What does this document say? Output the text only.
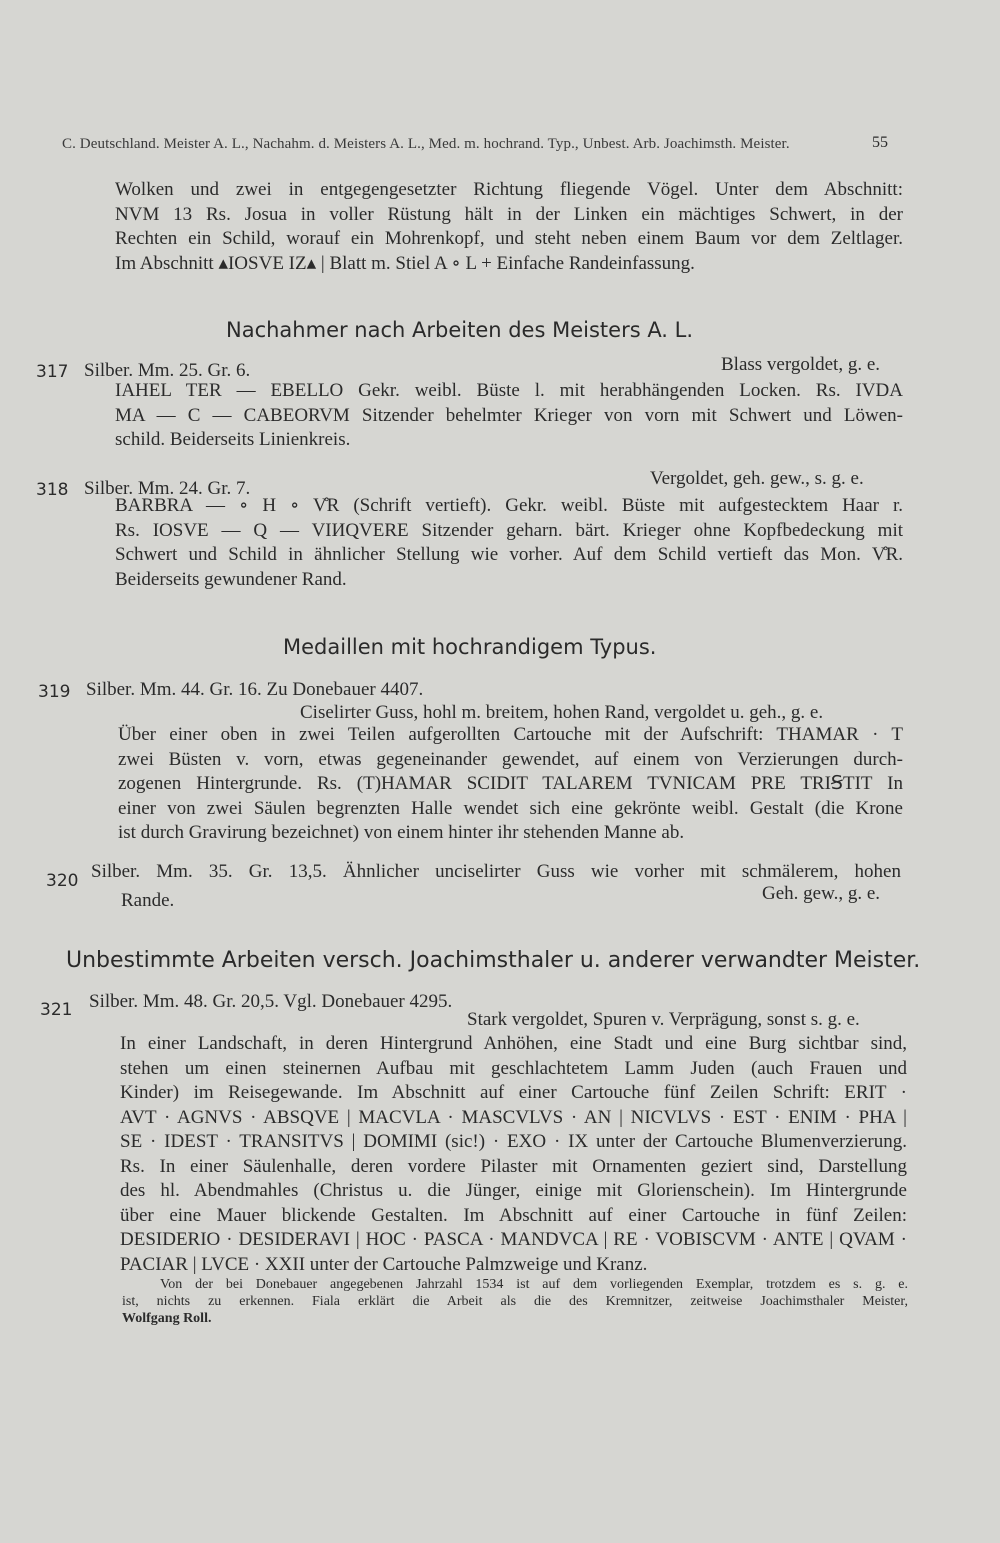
C. Deutschland. Meister A. L., Nachahm. d. Meisters A. L., Med. m. hochrand. Typ., Unbest. Arb. Joachimsth. Meister.	55
Wolken und zwei in entgegengesetzter Richtung fliegende Vögel. Unter dem Abschnitt:
NVM 13 Rs. Josua in voller Rüstung hält in der Linken ein mächtiges Schwert, in der
Rechten ein Schild, worauf ein Mohrenkopf, und steht neben einem Baum vor dem Zeltlager.
Im Abschnitt ▴IOSVE IZ▴ | Blatt m. Stiel A ∘ L + Einfache Randeinfassung.
Nachahmer nach Arbeiten des Meisters A. L.
317 Silber. Mm. 25. Gr. 6.	Blass vergoldet, g. e.
IAHEL TER — EBELLO Gekr. weibl. Büste l. mit herabhängenden Locken. Rs. IVDA
MA — C — CABEORVM Sitzender behelmter Krieger von vorn mit Schwert und Löwen-
schild. Beiderseits Linienkreis.
318 Silber. Mm. 24. Gr. 7.	Vergoldet, geh. gew., s. g. e.
BARBRA — ∘ H ∘ V̊R (Schrift vertieft). Gekr. weibl. Büste mit aufgestecktem Haar r.
Rs. IOSVE — Q — VIИQVERE Sitzender geharn. bärt. Krieger ohne Kopfbedeckung mit
Schwert und Schild in ähnlicher Stellung wie vorher. Auf dem Schild vertieft das Mon. V̊R.
Beiderseits gewundener Rand.
Medaillen mit hochrandigem Typus.
319 Silber. Mm. 44. Gr. 16. Zu Donebauer 4407.
Ciselirter Guss, hohl m. breitem, hohen Rand, vergoldet u. geh., g. e.
Über einer oben in zwei Teilen aufgerollten Cartouche mit der Aufschrift: THAMAR · T
zwei Büsten v. vorn, etwas gegeneinander gewendet, auf einem von Verzierungen durch-
zogenen Hintergrunde. Rs. (T)HAMAR SCIDIT TALAREM TVNICAM PRE TRIꞨTIT In
einer von zwei Säulen begrenzten Halle wendet sich eine gekrönte weibl. Gestalt (die Krone
ist durch Gravirung bezeichnet) von einem hinter ihr stehenden Manne ab.
320 Silber. Mm. 35. Gr. 13,5. Ähnlicher unciselirter Guss wie vorher mit schmälerem, hohen
Rande.	Geh. gew., g. e.
Unbestimmte Arbeiten versch. Joachimsthaler u. anderer verwandter Meister.
321 Silber. Mm. 48. Gr. 20,5. Vgl. Donebauer 4295.
Stark vergoldet, Spuren v. Verprägung, sonst s. g. e.
In einer Landschaft, in deren Hintergrund Anhöhen, eine Stadt und eine Burg sichtbar sind,
stehen um einen steinernen Aufbau mit geschlachtetem Lamm Juden (auch Frauen und
Kinder) im Reisegewande. Im Abschnitt auf einer Cartouche fünf Zeilen Schrift: ERIT ·
AVT · AGNVS · ABSQVE | MACVLA · MASCVLVS · AN | NICVLVS · EST · ENIM · PHA |
SE · IDEST · TRANSITVS | DOMIMI (sic!) · EXO · IX unter der Cartouche Blumenverzierung.
Rs. In einer Säulenhalle, deren vordere Pilaster mit Ornamenten geziert sind, Darstellung
des hl. Abendmahles (Christus u. die Jünger, einige mit Glorienschein). Im Hintergrunde
über eine Mauer blickende Gestalten. Im Abschnitt auf einer Cartouche in fünf Zeilen:
DESIDERIO · DESIDERAVI | HOC · PASCA · MANDVCA | RE · VOBISCVM · ANTE | QVAM ·
PACIAR | LVCE · XXII unter der Cartouche Palmzweige und Kranz.
Von der bei Donebauer angegebenen Jahrzahl 1534 ist auf dem vorliegenden Exemplar, trotzdem es s. g. e.
ist, nichts zu erkennen. Fiala erklärt die Arbeit als die des Kremnitzer, zeitweise Joachimsthaler Meister,
Wolfgang Roll.
